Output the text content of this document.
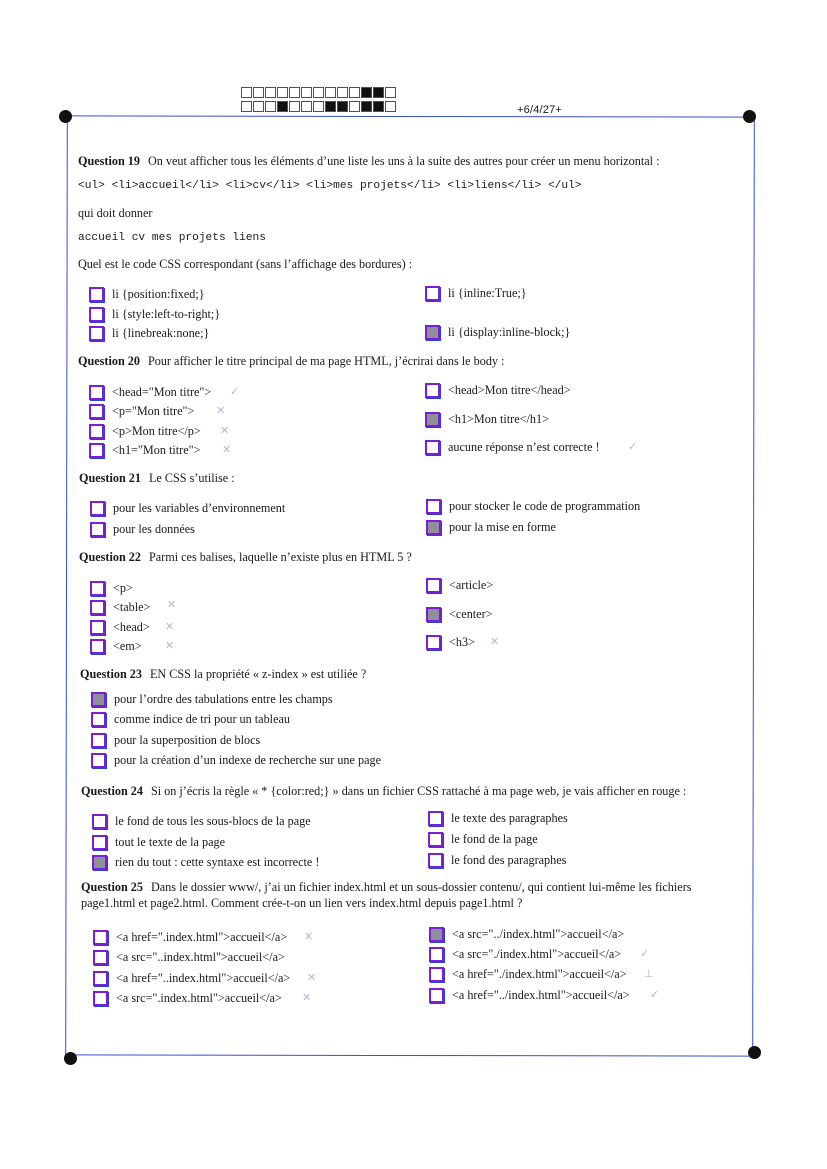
+6/4/27+
Question 19 On veut afficher tous les éléments d’une liste les uns à la suite des autres pour créer un menu horizontal :
<ul> <li>accueil</li> <li>cv</li> <li>mes projets</li> <li>liens</li> </ul>
qui doit donner
accueil cv mes projets liens
Quel est le code CSS correspondant (sans l’affichage des bordures) :
li {position:fixed;}
li {style:left-to-right;}
li {linebreak:none;}
li {inline:True;}
li {display:inline-block;}
Question 20 Pour afficher le titre principal de ma page HTML, j’écrirai dans le body :
<head="Mon titre">
<p="Mon titre">
<p>Mon titre</p>
<h1="Mon titre">
<head>Mon titre</head>
<h1>Mon titre</h1>
aucune réponse n’est correcte !
✓
✕
✕
✕	✓
Question 21 Le CSS s’utilise :
pour les variables d’environnement
pour les données
pour stocker le code de programmation
pour la mise en forme
Question 22 Parmi ces balises, laquelle n’existe plus en HTML 5 ?
<p>
<table>
<head>
<em>
<article>
<center>
<h3>
✕
✕
✕	✕
Question 23 EN CSS la propriété « z-index » est utiliée ?
pour l’ordre des tabulations entre les champs
comme indice de tri pour un tableau
pour la superposition de blocs
pour la création d’un indexe de recherche sur une page
Question 24 Si on j’écris la règle « * {color:red;} » dans un fichier CSS rattaché à ma page web, je vais afficher en rouge :
le fond de tous les sous-blocs de la page
tout le texte de la page
rien du tout : cette syntaxe est incorrecte !
le texte des paragraphes
le fond de la page
le fond des paragraphes
Question 25 Dans le dossier www/, j’ai un fichier index.html et un sous-dossier contenu/, qui contient lui-même les fichiers
page1.html et page2.html. Comment crée-t-on un lien vers index.html depuis page1.html ?
<a href=".index.html">accueil</a>
<a src="..index.html">accueil</a>
<a href="..index.html">accueil</a>
<a src=".index.html">accueil</a>
<a src="../index.html">accueil</a>
<a src="./index.html">accueil</a>
<a href="./index.html">accueil</a>
<a href="../index.html">accueil</a>
✕
✕
✕
✓
⊥
✓
